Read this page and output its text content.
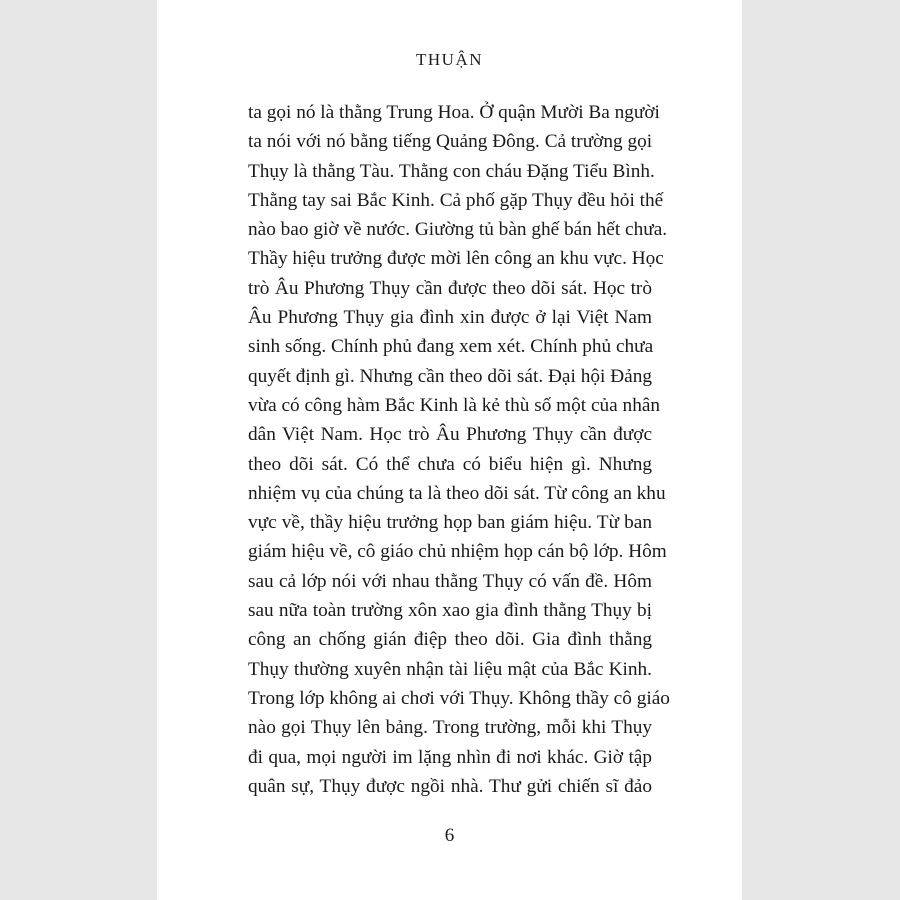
THUẬN
ta gọi nó là thằng Trung Hoa. Ở quận Mười Ba người
ta nói với nó bằng tiếng Quảng Đông. Cả trường gọi
Thụy là thằng Tàu. Thằng con cháu Đặng Tiểu Bình.
Thằng tay sai Bắc Kinh. Cả phố gặp Thụy đều hỏi thế
nào bao giờ về nước. Giường tủ bàn ghế bán hết chưa.
Thầy hiệu trưởng được mời lên công an khu vực. Học
trò Âu Phương Thụy cần được theo dõi sát. Học trò
Âu Phương Thụy gia đình xin được ở lại Việt Nam
sinh sống. Chính phủ đang xem xét. Chính phủ chưa
quyết định gì. Nhưng cần theo dõi sát. Đại hội Đảng
vừa có công hàm Bắc Kinh là kẻ thù số một của nhân
dân Việt Nam. Học trò Âu Phương Thụy cần được
theo dõi sát. Có thể chưa có biểu hiện gì. Nhưng
nhiệm vụ của chúng ta là theo dõi sát. Từ công an khu
vực về, thầy hiệu trưởng họp ban giám hiệu. Từ ban
giám hiệu về, cô giáo chủ nhiệm họp cán bộ lớp. Hôm
sau cả lớp nói với nhau thằng Thụy có vấn đề. Hôm
sau nữa toàn trường xôn xao gia đình thằng Thụy bị
công an chống gián điệp theo dõi. Gia đình thằng
Thụy thường xuyên nhận tài liệu mật của Bắc Kinh.
Trong lớp không ai chơi với Thụy. Không thầy cô giáo
nào gọi Thụy lên bảng. Trong trường, mỗi khi Thụy
đi qua, mọi người im lặng nhìn đi nơi khác. Giờ tập
quân sự, Thụy được ngồi nhà. Thư gửi chiến sĩ đảo
6
